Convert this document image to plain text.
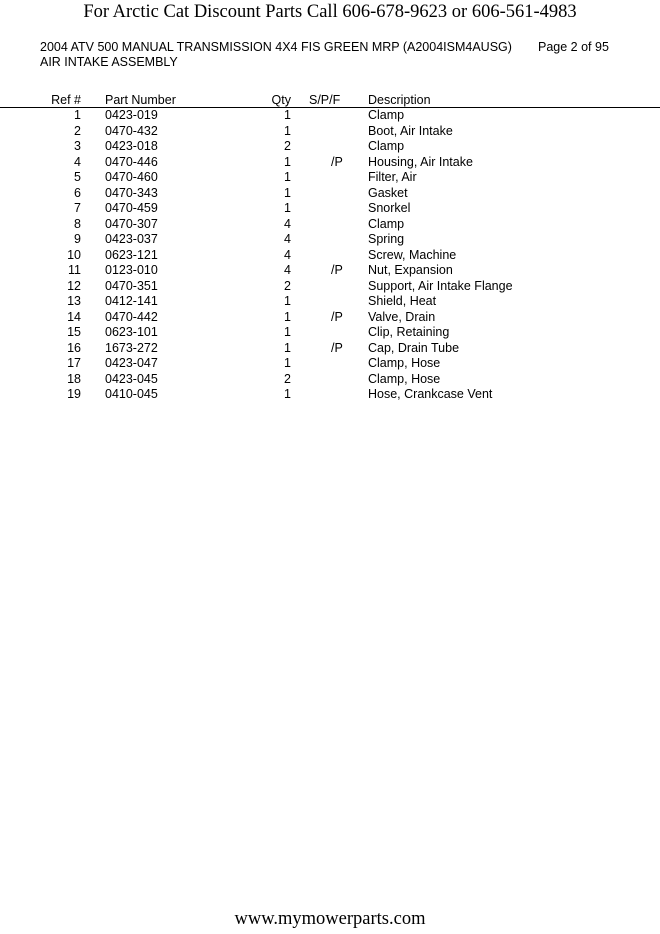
For Arctic Cat Discount Parts Call 606-678-9623 or 606-561-4983
2004 ATV 500 MANUAL TRANSMISSION 4X4 FIS GREEN MRP (A2004ISM4AUSG) Page 2 of 95
AIR INTAKE ASSEMBLY
Ref # Part Number	Qty S/P/F Description
1 0423-019	1	Clamp
2 0470-432	1	Boot, Air Intake
3 0423-018	2	Clamp
4 0470-446	1	/P Housing, Air Intake
5 0470-460	1	Filter, Air
6 0470-343	1	Gasket
7 0470-459	1	Snorkel
8 0470-307	4	Clamp
9 0423-037	4	Spring
10 0623-121	4	Screw, Machine
11 0123-010	4	/P Nut, Expansion
12 0470-351	2	Support, Air Intake Flange
13 0412-141	1	Shield, Heat
14 0470-442	1	/P Valve, Drain
15 0623-101	1	Clip, Retaining
16 1673-272	1	/P Cap, Drain Tube
17 0423-047	1	Clamp, Hose
18 0423-045	2	Clamp, Hose
19 0410-045	1	Hose, Crankcase Vent
www.mymowerparts.com
